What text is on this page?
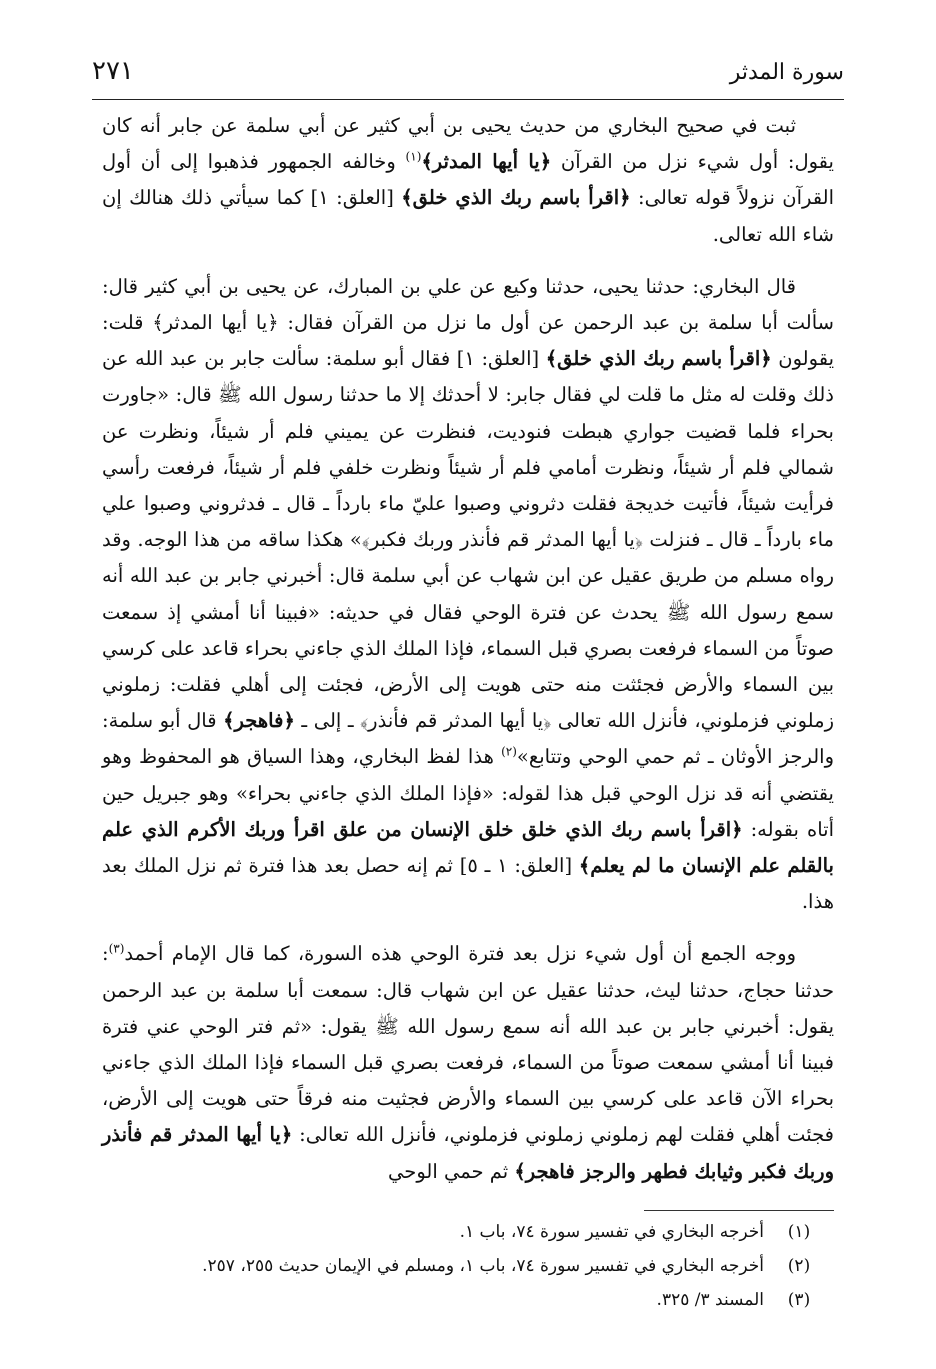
سورة المدثر
٢٧١

ثبت في صحيح البخاري من حديث يحيى بن أبي كثير عن أبي سلمة عن جابر أنه كان يقول: أول شيء نزل من القرآن ﴿يا أيها المدثر﴾$^{(١)}$ وخالفه الجمهور فذهبوا إلى أن أول القرآن نزولاً قوله تعالى: ﴿اقرأ باسم ربك الذي خلق﴾ [العلق: ١] كما سيأتي ذلك هنالك إن شاء الله تعالى.

قال البخاري: حدثنا يحيى، حدثنا وكيع عن علي بن المبارك، عن يحيى بن أبي كثير قال: سألت أبا سلمة بن عبد الرحمن عن أول ما نزل من القرآن فقال: ﴿يا أيها المدثر﴾ قلت: يقولون ﴿اقرأ باسم ربك الذي خلق﴾ [العلق: ١] فقال أبو سلمة: سألت جابر بن عبد الله عن ذلك وقلت له مثل ما قلت لي فقال جابر: لا أحدثك إلا ما حدثنا رسول الله ﷺ قال: «جاورت بحراء فلما قضيت جواري هبطت فنوديت، فنظرت عن يميني فلم أر شيئاً، ونظرت عن شمالي فلم أر شيئاً، ونظرت أمامي فلم أر شيئاً ونظرت خلفي فلم أر شيئاً، فرفعت رأسي فرأيت شيئاً، فأتيت خديجة فقلت دثروني وصبوا عليّ ماء بارداً ـ قال ـ فدثروني وصبوا علي ماء بارداً ـ قال ـ فنزلت ﴿يا أيها المدثر قم فأنذر وربك فكبر﴾» هكذا ساقه من هذا الوجه. وقد رواه مسلم من طريق عقيل عن ابن شهاب عن أبي سلمة قال: أخبرني جابر بن عبد الله أنه سمع رسول الله ﷺ يحدث عن فترة الوحي فقال في حديثه: «فبينا أنا أمشي إذ سمعت صوتاً من السماء فرفعت بصري قبل السماء، فإذا الملك الذي جاءني بحراء قاعد على كرسي بين السماء والأرض فجئثت منه حتى هويت إلى الأرض، فجئت إلى أهلي فقلت: زملوني زملوني فزملوني، فأنزل الله تعالى ﴿يا أيها المدثر قم فأنذر﴾ ـ إلى ـ ﴿فاهجر﴾ قال أبو سلمة: والرجز الأوثان ـ ثم حمي الوحي وتتابع»$^{(٢)}$ هذا لفظ البخاري، وهذا السياق هو المحفوظ وهو يقتضي أنه قد نزل الوحي قبل هذا لقوله: «فإذا الملك الذي جاءني بحراء» وهو جبريل حين أتاه بقوله: ﴿اقرأ باسم ربك الذي خلق خلق الإنسان من علق اقرأ وربك الأكرم الذي علم بالقلم علم الإنسان ما لم يعلم﴾ [العلق: ١ ـ ٥] ثم إنه حصل بعد هذا فترة ثم نزل الملك بعد هذا.

ووجه الجمع أن أول شيء نزل بعد فترة الوحي هذه السورة، كما قال الإمام أحمد$^{(٣)}$: حدثنا حجاج، حدثنا ليث، حدثنا عقيل عن ابن شهاب قال: سمعت أبا سلمة بن عبد الرحمن يقول: أخبرني جابر بن عبد الله أنه سمع رسول الله ﷺ يقول: «ثم فتر الوحي عني فترة فبينا أنا أمشي سمعت صوتاً من السماء، فرفعت بصري قبل السماء فإذا الملك الذي جاءني بحراء الآن قاعد على كرسي بين السماء والأرض فجثيت منه فرقاً حتى هويت إلى الأرض، فجئت أهلي فقلت لهم زملوني زملوني فزملوني، فأنزل الله تعالى: ﴿يا أيها المدثر قم فأنذر وربك فكبر وثيابك فطهر والرجز فاهجر﴾ ثم حمي الوحي

(١)
أخرجه البخاري في تفسير سورة ٧٤، باب ١.
(٢)
أخرجه البخاري في تفسير سورة ٧٤، باب ١، ومسلم في الإيمان حديث ٢٥٥، ٢٥٧.
(٣)
المسند ٣/ ٣٢٥.
